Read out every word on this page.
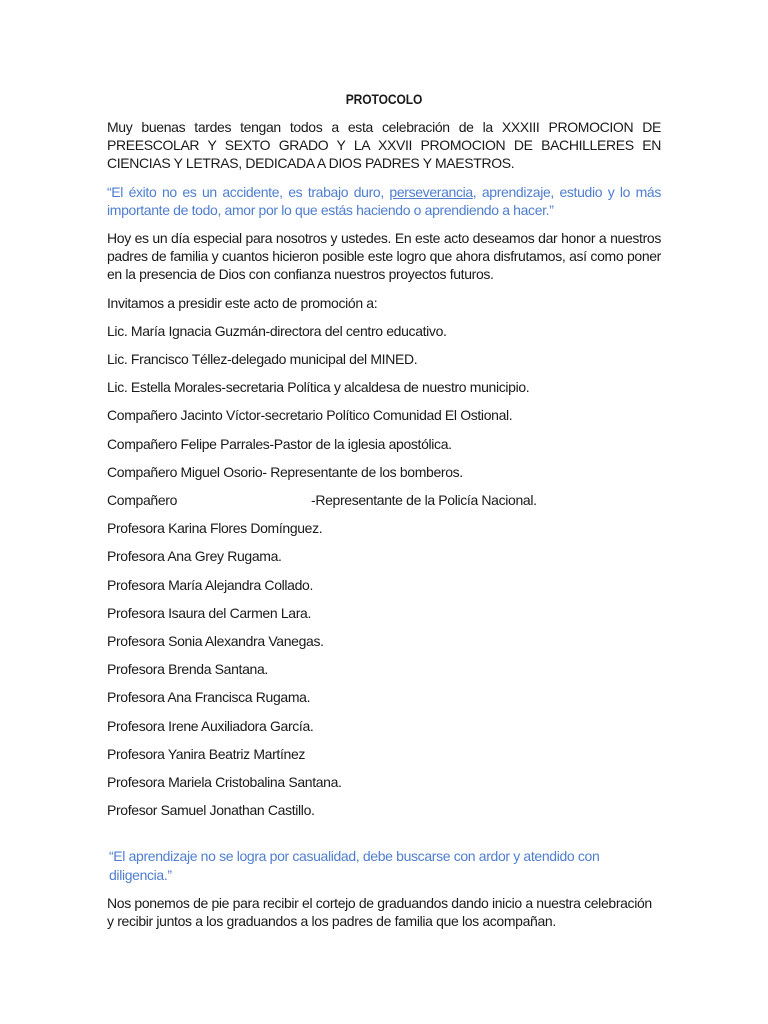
PROTOCOLO

Muy buenas tardes tengan todos a esta celebración de la XXXIII PROMOCION DE PREESCOLAR Y SEXTO GRADO Y LA XXVII PROMOCION DE BACHILLERES EN CIENCIAS Y LETRAS, DEDICADA A DIOS PADRES Y MAESTROS.

“El éxito no es un accidente, es trabajo duro, perseverancia, aprendizaje, estudio y lo más importante de todo, amor por lo que estás haciendo o aprendiendo a hacer.”

Hoy es un día especial para nosotros y ustedes. En este acto deseamos dar honor a nuestros padres de familia y cuantos hicieron posible este logro que ahora disfrutamos, así como poner en la presencia de Dios con confianza nuestros proyectos futuros.

Invitamos a presidir este acto de promoción a:

Lic. María Ignacia Guzmán-directora del centro educativo.

Lic. Francisco Téllez-delegado municipal del MINED.

Lic. Estella Morales-secretaria Política y alcaldesa de nuestro municipio.

Compañero Jacinto Víctor-secretario Político Comunidad El Ostional.

Compañero Felipe Parrales-Pastor de la iglesia apostólica.

Compañero Miguel Osorio- Representante de los bomberos.

Compañero	-Representante de la Policía Nacional.

Profesora Karina Flores Domínguez.

Profesora Ana Grey Rugama.

Profesora María Alejandra Collado.

Profesora Isaura del Carmen Lara.

Profesora Sonia Alexandra Vanegas.

Profesora Brenda Santana.

Profesora Ana Francisca Rugama.

Profesora Irene Auxiliadora García.

Profesora Yanira Beatriz Martínez

Profesora Mariela Cristobalina Santana.

Profesor Samuel Jonathan Castillo.

“El aprendizaje no se logra por casualidad, debe buscarse con ardor y atendido con diligencia.”

Nos ponemos de pie para recibir el cortejo de graduandos dando inicio a nuestra celebración y recibir juntos a los graduandos a los padres de familia que los acompañan.
